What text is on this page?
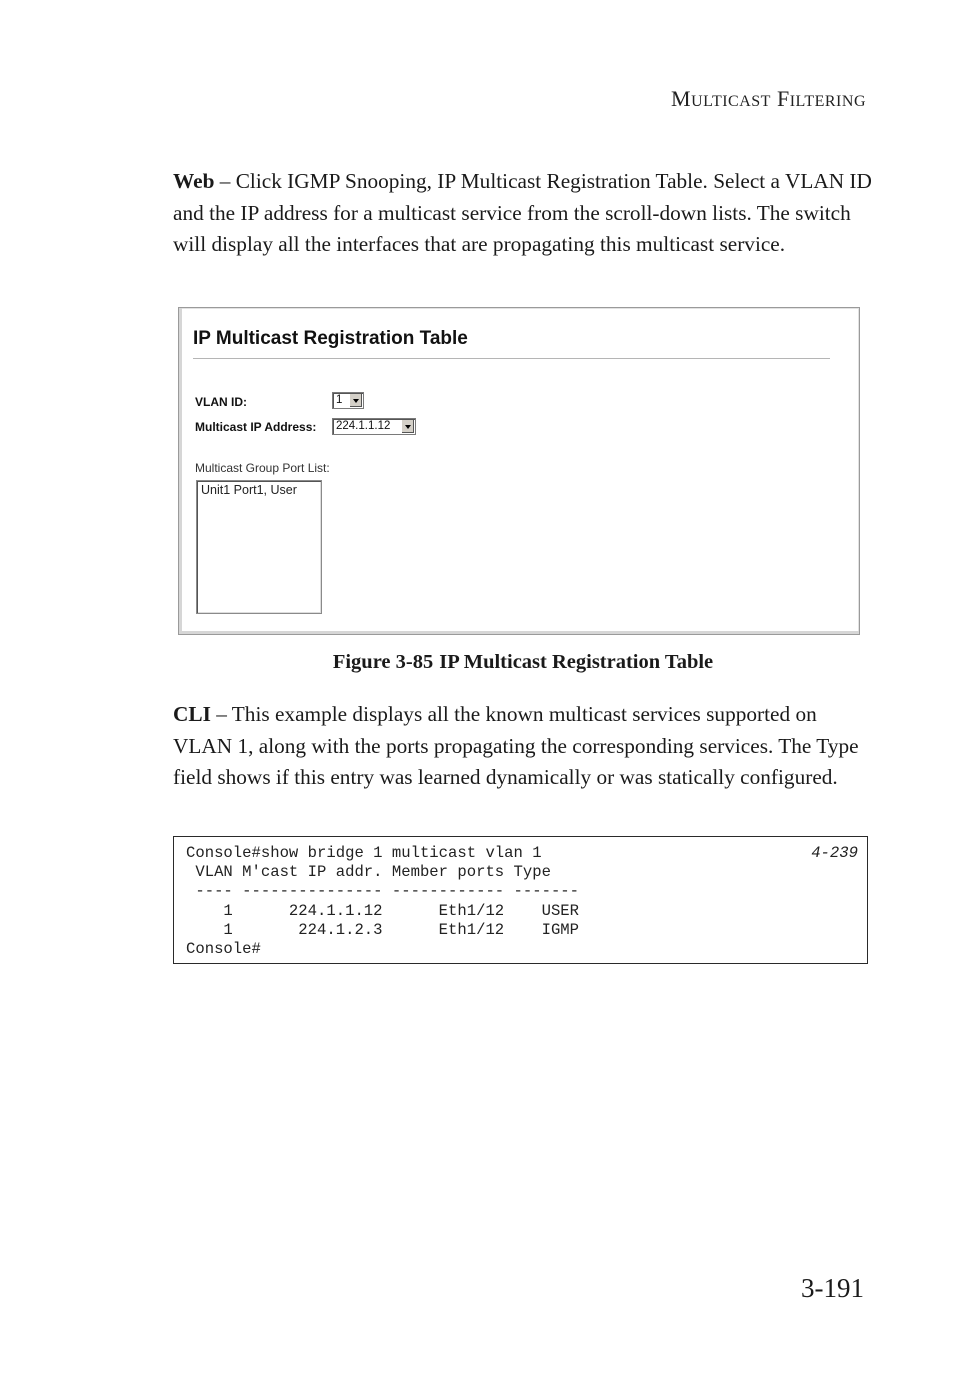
MULTICAST FILTERING

Web – Click IGMP Snooping, IP Multicast Registration Table. Select a VLAN ID and the IP address for a multicast service from the scroll-down lists. The switch will display all the interfaces that are propagating this multicast service.

IP Multicast Registration Table
VLAN ID:	1
Multicast IP Address:	224.1.1.12
Multicast Group Port List:
Unit1 Port1, User
Figure 3-85 IP Multicast Registration Table

CLI – This example displays all the known multicast services supported on VLAN 1, along with the ports propagating the corresponding services. The Type field shows if this entry was learned dynamically or was statically configured.

Console#show bridge 1 multicast vlan 1
VLAN M'cast IP addr. Member ports Type
---- --------------- ------------ -------
1      224.1.1.12      Eth1/12    USER
1       224.1.2.3      Eth1/12    IGMP
Console#
4-239
3-191
